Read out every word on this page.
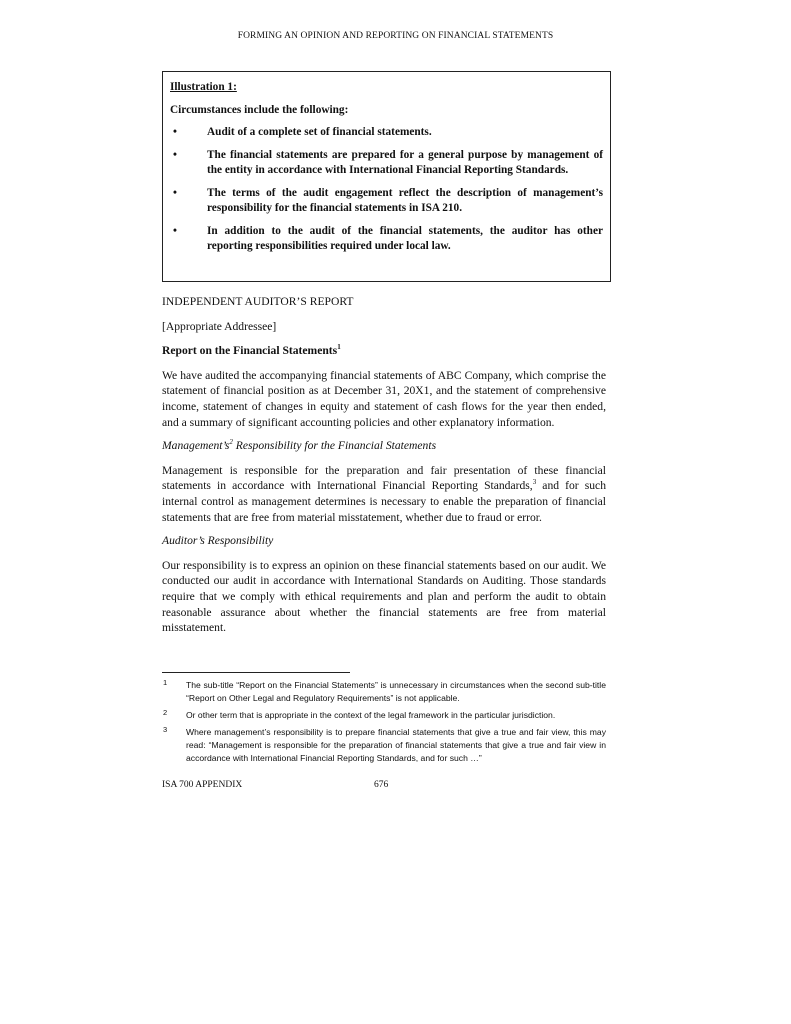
FORMING AN OPINION AND REPORTING ON FINANCIAL STATEMENTS
Illustration 1:
Circumstances include the following:
•	Audit of a complete set of financial statements.
•	The financial statements are prepared for a general purpose by management of the entity in accordance with International Financial Reporting Standards.
•	The terms of the audit engagement reflect the description of management’s responsibility for the financial statements in ISA 210.
•	In addition to the audit of the financial statements, the auditor has other reporting responsibilities required under local law.

INDEPENDENT AUDITOR’S REPORT

[Appropriate Addressee]

Report on the Financial Statements$^1$

We have audited the accompanying financial statements of ABC Company, which comprise the statement of financial position as at December 31, 20X1, and the statement of comprehensive income, statement of changes in equity and statement of cash flows for the year then ended, and a summary of significant accounting policies and other explanatory information.

$Management’s^2$ Responsibility for the Financial Statements

Management is responsible for the preparation and fair presentation of these financial statements in accordance with International Financial Reporting Standards,$^3$ and for such internal control as management determines is necessary to enable the preparation of financial statements that are free from material misstatement, whether due to fraud or error.

Auditor’s Responsibility

Our responsibility is to express an opinion on these financial statements based on our audit. We conducted our audit in accordance with International Standards on Auditing. Those standards require that we comply with ethical requirements and plan and perform the audit to obtain reasonable assurance about whether the financial statements are free from material misstatement.

1 The sub-title “Report on the Financial Statements” is unnecessary in circumstances when the second sub-title “Report on Other Legal and Regulatory Requirements” is not applicable.
2 Or other term that is appropriate in the context of the legal framework in the particular jurisdiction.
3 Where management’s responsibility is to prepare financial statements that give a true and fair view, this may read: “Management is responsible for the preparation of financial statements that give a true and fair view in accordance with International Financial Reporting Standards, and for such …”
ISA 700 APPENDIX	676
